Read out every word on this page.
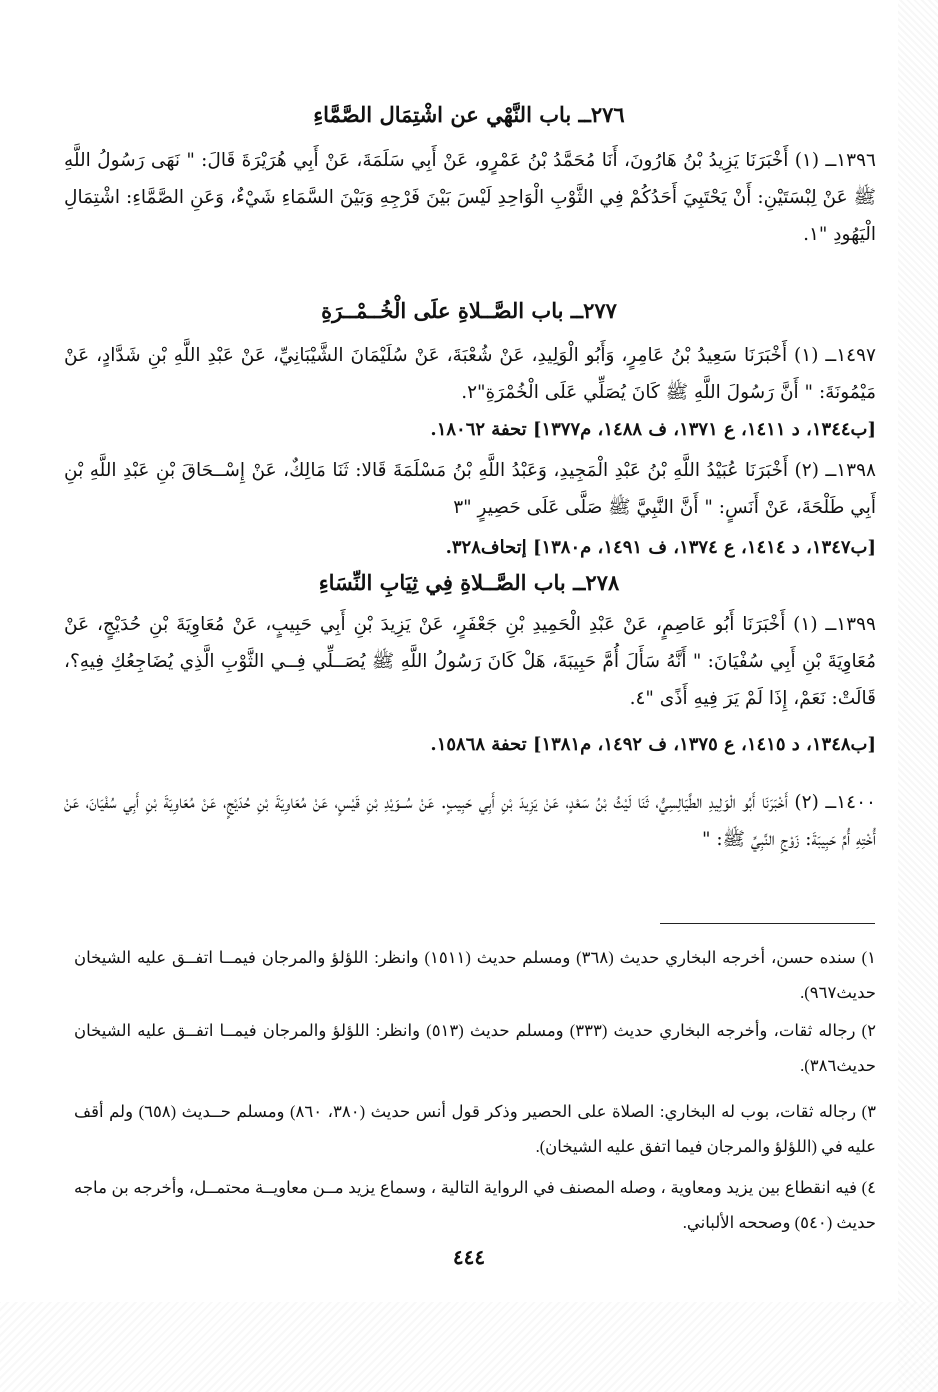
٢٧٦ــ باب النَّهْي عن اشْتِمَال الصَّمَّاءِ
١٣٩٦ــ (١) أَخْبَرَنَا يَزِيدُ بْنُ هَارُونَ، أَنَا مُحَمَّدُ بْنُ عَمْرٍو، عَنْ أَبِي سَلَمَةَ، عَنْ أَبِي هُرَيْرَةَ قَالَ: " نَهَى رَسُولُ اللَّهِ ﷺ عَنْ لِبْسَتَيْنِ: أَنْ يَحْتَبِيَ أَحَدُكُمْ فِي الثَّوْبِ الْوَاحِدِ لَيْسَ بَيْنَ فَرْجِهِ وَبَيْنَ السَّمَاءِ شَيْءٌ، وَعَنِ الصَّمَّاءِ: اشْتِمَالِ الْيَهُودِ "١.
٢٧٧ــ باب الصَّــلاةِ علَى الْخُــمْــرَةِ
١٤٩٧ــ (١) أَخْبَرَنَا سَعِيدُ بْنُ عَامِرٍ، وَأَبُو الْوَلِيدِ، عَنْ شُعْبَةَ، عَنْ سُلَيْمَانَ الشَّيْبَانِيِّ، عَنْ عَبْدِ اللَّهِ بْنِ شَدَّادٍ، عَنْ مَيْمُونَةَ: " أَنَّ رَسُولَ اللَّهِ ﷺ كَانَ يُصَلِّي عَلَى الْخُمْرَةِ"٢.
[ب١٣٤٤، د ١٤١١، ع ١٣٧١، ف ١٤٨٨، م١٣٧٧] تحفة ١٨٠٦٢.
١٣٩٨ــ (٢) أَخْبَرَنَا عُبَيْدُ اللَّهِ بْنُ عَبْدِ الْمَجِيدِ، وَعَبْدُ اللَّهِ بْنُ مَسْلَمَةَ قَالا: ثَنَا مَالِكٌ، عَنْ إِسْــحَاقَ بْنِ عَبْدِ اللَّهِ بْنِ أَبِي طَلْحَةَ، عَنْ أَنَسٍ: " أَنَّ النَّبِيَّ ﷺ صَلَّى عَلَى حَصِيرٍ "٣
[ب١٣٤٧، د ١٤١٤، ع ١٣٧٤، ف ١٤٩١، م١٣٨٠] إتحاف٣٢٨.
٢٧٨ــ باب الصَّــلاةِ فِي ثِيَابِ النِّسَاءِ
١٣٩٩ــ (١) أَخْبَرَنَا أَبُو عَاصِمٍ، عَنْ عَبْدِ الْحَمِيدِ بْنِ جَعْفَرٍ، عَنْ يَزِيدَ بْنِ أَبِي حَبِيبٍ، عَنْ مُعَاوِيَةَ بْنِ حُدَيْجٍ، عَنْ مُعَاوِيَةَ بْنِ أَبِي سُفْيَانَ: " أَنَّهُ سَأَلَ أُمَّ حَبِيبَةَ، هَلْ كَانَ رَسُولُ اللَّهِ ﷺ يُصَــلِّي فِــي الثَّوْبِ الَّذِي يُضَاجِعُكِ فِيهِ؟، قَالَتْ: نَعَمْ، إِذَا لَمْ يَرَ فِيهِ أَذًى "٤.
[ب١٣٤٨، د ١٤١٥، ع ١٣٧٥، ف ١٤٩٢، م١٣٨١] تحفة ١٥٨٦٨.
١٤٠٠ــ (٢) أَخْبَرَنَا أَبُو الْوَلِيدِ الطَّيَالِسِيُّ، ثَنَا لَيْثُ بْنُ سَعْدٍ، عَنْ يَزِيدَ بْنِ أَبِي حَبِيبٍ. عَنْ سُــوَيْدِ بْنِ قَيْسٍ، عَنْ مُعَاوِيَةَ بْنِ حُدَيْجٍ، عَنْ مُعَاوِيَةَ بْنِ أَبِي سُفْيَانَ، عَنْ أُخْتِهِ أُمِّ حَبِيبَةَ: زَوْجِ النَّبِيِّ ﷺ: "
١) سنده حسن، أخرجه البخاري حديث (٣٦٨) ومسلم حديث (١٥١١) وانظر: اللؤلؤ والمرجان فيمــا اتفــق عليه الشيخان حديث٩٦٧).
٢) رجاله ثقات، وأخرجه البخاري حديث (٣٣٣) ومسلم حديث (٥١٣) وانظر: اللؤلؤ والمرجان فيمــا اتفــق عليه الشيخان حديث٣٨٦).
٣) رجاله ثقات، بوب له البخاري: الصلاة على الحصير وذكر قول أنس حديث (٣٨٠، ٨٦٠) ومسلم حــديث (٦٥٨) ولم أقف عليه في (اللؤلؤ والمرجان فيما اتفق عليه الشيخان).
٤) فيه انقطاع بين يزيد ومعاوية ، وصله المصنف في الرواية التالية ، وسماع يزيد مــن معاويــة محتمــل، وأخرجه بن ماجه حديث (٥٤٠) وصححه الألباني.
٤٤٤
